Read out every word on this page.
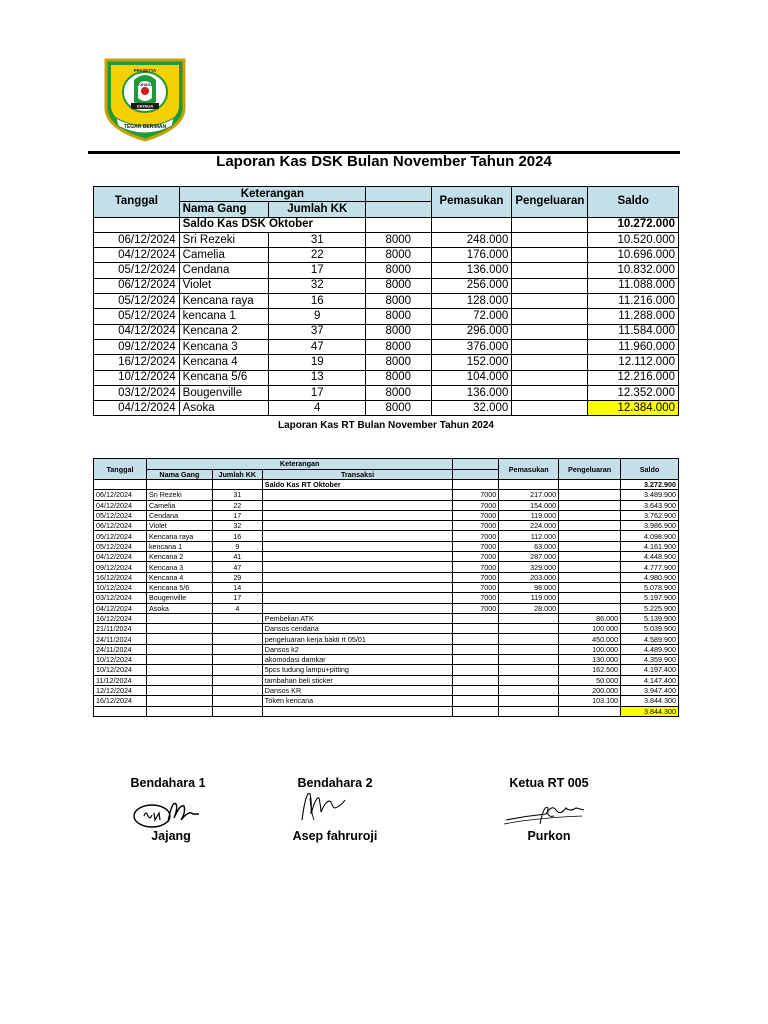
PRASETYA
TOHAGA
DAYAGA
TEGAR BERIMAN
Laporan Kas DSK Bulan November Tahun 2024
Tanggal	Keterangan			Pemasukan	Pengeluaran	Saldo
	Nama Gang	Jumlah KK				
	Saldo Kas DSK Oktober					10.272.000
06/12/2024	Sri Rezeki	31	8000	248.000		10.520.000
04/12/2024	Camelia	22	8000	176.000		10.696.000
05/12/2024	Cendana	17	8000	136.000		10.832.000
06/12/2024	Violet	32	8000	256.000		11.088.000
05/12/2024	Kencana raya	16	8000	128.000		11.216.000
05/12/2024	kencana 1	9	8000	72.000		11.288.000
04/12/2024	Kencana 2	37	8000	296.000		11.584.000
09/12/2024	Kencana 3	47	8000	376.000		11.960.000
16/12/2024	Kencana 4	19	8000	152.000		12.112.000
10/12/2024	Kencana 5/6	13	8000	104.000		12.216.000
03/12/2024	Bougenville	17	8000	136.000		12.352.000
04/12/2024	Asoka	4	8000	32.000		12.384.000
Laporan Kas RT Bulan November Tahun 2024
Tanggal	Keterangan				Pemasukan	Pengeluaran	Saldo
	Nama Gang	Jumlah KK	Transaksi				
			Saldo Kas RT Oktober				3.272.900
06/12/2024	Sri Rezeki	31		7000	217.000		3.489.900
04/12/2024	Camelia	22		7000	154.000		3.643.900
05/12/2024	Cendana	17		7000	119.000		3.762.900
06/12/2024	Violet	32		7000	224.000		3.986.900
05/12/2024	Kencana raya	16		7000	112.000		4.098.900
05/12/2024	kencana 1	9		7000	63.000		4.161.900
04/12/2024	Kencana 2	41		7000	287.000		4.448.900
09/12/2024	Kencana 3	47		7000	329.000		4.777.900
16/12/2024	Kencana 4	29		7000	203.000		4.980.900
10/12/2024	Kencana 5/6	14		7000	98.000		5.078.900
03/12/2024	Bougenville	17		7000	119.000		5.197.900
04/12/2024	Asoka	4		7000	28.000		5.225.900
16/12/2024			Pembelian ATK			86.000	5.139.900
21/11/2024			Dansos cendana			100.000	5.039.900
24/11/2024			pengeluaran kerja bakti rt 05/01			450.000	4.589.900
24/11/2024			Dansos k2			100.000	4.489.900
10/12/2024			akomodasi damkar			130.000	4.359.900
10/12/2024			5pcs tudung lampu+pitting			162.500	4.197.400
11/12/2024			tambahan beli sticker			50.000	4.147.400
12/12/2024			Dansos KR			200.000	3.947.400
16/12/2024			Token kencana			103.100	3.844.300
							3.844.300
Bendahara 1	Bendahara 2	Ketua RT 005
Jajang	Asep fahruroji	Purkon
